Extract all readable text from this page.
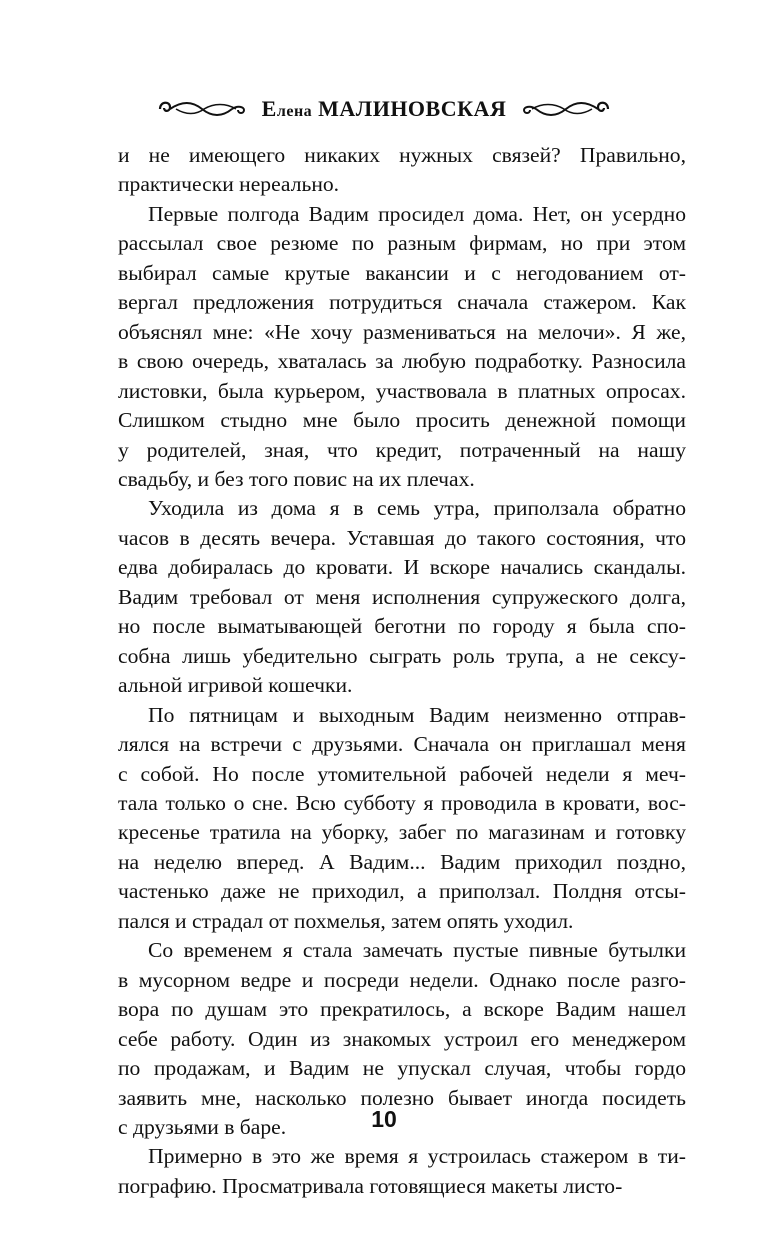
Елена МАЛИНОВСКАЯ

и не имеющего никаких нужных связей? Правильно,
практически нереально.

Первые полгода Вадим просидел дома. Нет, он усердно
рассылал свое резюме по разным фирмам, но при этом
выбирал самые крутые вакансии и с негодованием от-
вергал предложения потрудиться сначала стажером. Как
объяснял мне: «Не хочу размениваться на мелочи». Я же,
в свою очередь, хваталась за любую подработку. Разносила
листовки, была курьером, участвовала в платных опросах.
Слишком стыдно мне было просить денежной помощи
у родителей, зная, что кредит, потраченный на нашу
свадьбу, и без того повис на их плечах.

Уходила из дома я в семь утра, приползала обратно
часов в десять вечера. Уставшая до такого состояния, что
едва добиралась до кровати. И вскоре начались скандалы.
Вадим требовал от меня исполнения супружеского долга,
но после выматывающей беготни по городу я была спо-
собна лишь убедительно сыграть роль трупа, а не сексу-
альной игривой кошечки.

По пятницам и выходным Вадим неизменно отправ-
лялся на встречи с друзьями. Сначала он приглашал меня
с собой. Но после утомительной рабочей недели я меч-
тала только о сне. Всю субботу я проводила в кровати, вос-
кресенье тратила на уборку, забег по магазинам и готовку
на неделю вперед. А Вадим... Вадим приходил поздно,
частенько даже не приходил, а приползал. Полдня отсы-
пался и страдал от похмелья, затем опять уходил.

Со временем я стала замечать пустые пивные бутылки
в мусорном ведре и посреди недели. Однако после разго-
вора по душам это прекратилось, а вскоре Вадим нашел
себе работу. Один из знакомых устроил его менеджером
по продажам, и Вадим не упускал случая, чтобы гордо
заявить мне, насколько полезно бывает иногда посидеть
с друзьями в баре.

Примерно в это же время я устроилась стажером в ти-
пографию. Просматривала готовящиеся макеты листо-

10
